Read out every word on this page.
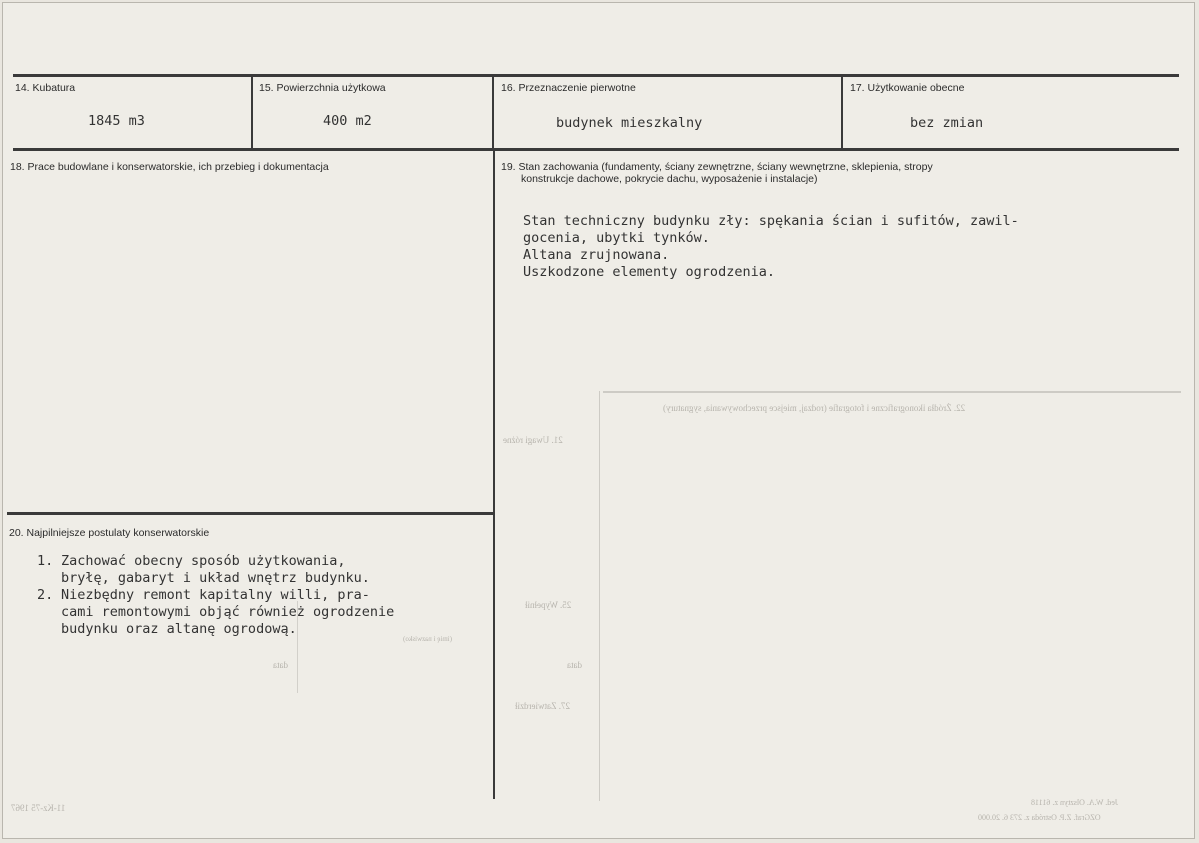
14. Kubatura
1845 m3
15. Powierzchnia użytkowa
400 m2
16. Przeznaczenie pierwotne
budynek mieszkalny
17. Użytkowanie obecne
bez zmian
18. Prace budowlane i konserwatorskie, ich przebieg i dokumentacja	19. Stan zachowania (fundamenty, ściany zewnętrzne, ściany wewnętrzne, sklepienia, stropy
konstrukcje dachowe, pokrycie dachu, wyposażenie i instalacje)
Stan techniczny budynku zły: spękania ścian i sufitów, zawil-
gocenia, ubytki tynków.
Altana zrujnowana.
Uszkodzone elementy ogrodzenia.
20. Najpilniejsze postulaty konserwatorskie
1. Zachować obecny sposób użytkowania,
bryłę, gabaryt i układ wnętrz budynku.
2. Niezbędny remont kapitalny willi, pra-
cami remontowymi objąć również ogrodzenie
budynku oraz altanę ogrodową.
22. Źródła ikonograficzne i fotografie (rodzaj, miejsce przechowywania, sygnatury)
21. Uwagi różne
25. Wypełnił
data
data
27. Zatwierdził
(imię i nazwisko)
Jed. W.A. Olsztyn z. 61118
OZGraf. Z.P. Ostróda z. 273 6. 20.000
11-Kz-75 1967
